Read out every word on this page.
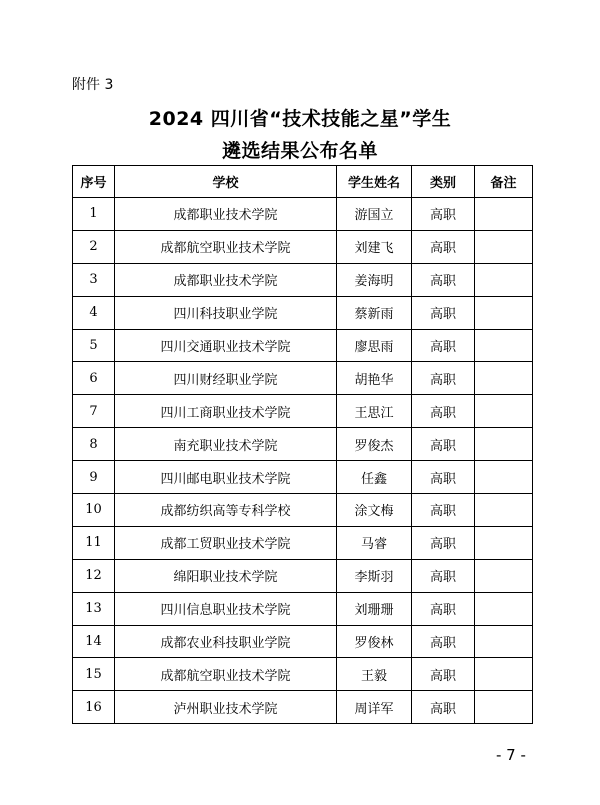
附件 3
2024 四川省“技术技能之星”学生
遴选结果公布名单
序号	学校	学生姓名	类别	备注
1	成都职业技术学院	游国立	高职	
2	成都航空职业技术学院	刘建飞	高职	
3	成都职业技术学院	姜海明	高职	
4	四川科技职业学院	蔡新雨	高职	
5	四川交通职业技术学院	廖思雨	高职	
6	四川财经职业学院	胡艳华	高职	
7	四川工商职业技术学院	王思江	高职	
8	南充职业技术学院	罗俊杰	高职	
9	四川邮电职业技术学院	任鑫	高职	
10	成都纺织高等专科学校	涂文梅	高职	
11	成都工贸职业技术学院	马睿	高职	
12	绵阳职业技术学院	李斯羽	高职	
13	四川信息职业技术学院	刘珊珊	高职	
14	成都农业科技职业学院	罗俊林	高职	
15	成都航空职业技术学院	王毅	高职	
16	泸州职业技术学院	周详军	高职	
- 7 -
